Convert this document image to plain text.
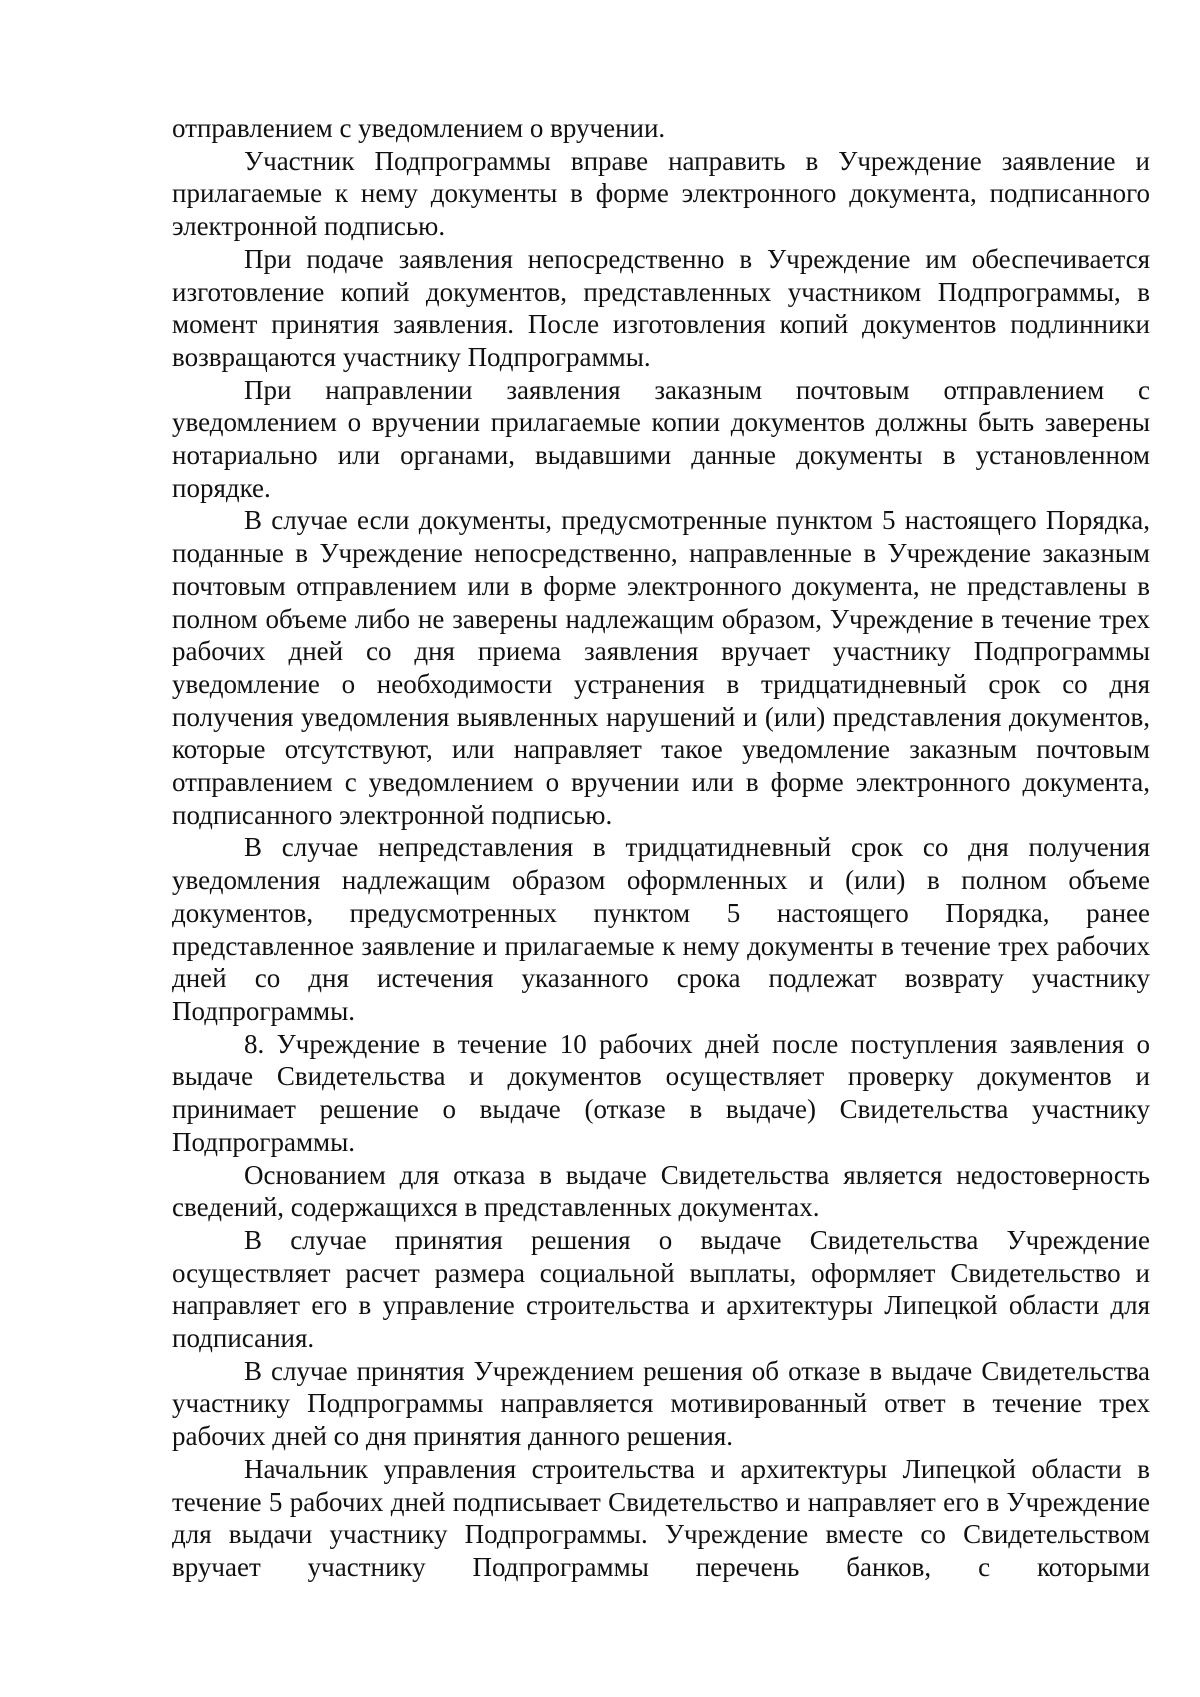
отправлением с уведомлением о вручении.

Участник Подпрограммы вправе направить в Учреждение заявление и прилагаемые к нему документы в форме электронного документа, подписанного электронной подписью.

При подаче заявления непосредственно в Учреждение им обеспечивается изготовление копий документов, представленных участником Подпрограммы, в момент принятия заявления. После изготовления копий документов подлинники возвращаются участнику Подпрограммы.

При направлении заявления заказным почтовым отправлением с уведомлением о вручении прилагаемые копии документов должны быть заверены нотариально или органами, выдавшими данные документы в установленном порядке.

В случае если документы, предусмотренные пунктом 5 настоящего Порядка, поданные в Учреждение непосредственно, направленные в Учреждение заказным почтовым отправлением или в форме электронного документа, не представлены в полном объеме либо не заверены надлежащим образом, Учреждение в течение трех рабочих дней со дня приема заявления вручает участнику Подпрограммы уведомление о необходимости устранения в тридцатидневный срок со дня получения уведомления выявленных нарушений и (или) представления документов, которые отсутствуют, или направляет такое уведомление заказным почтовым отправлением с уведомлением о вручении или в форме электронного документа, подписанного электронной подписью.

В случае непредставления в тридцатидневный срок со дня получения уведомления надлежащим образом оформленных и (или) в полном объеме документов, предусмотренных пунктом 5 настоящего Порядка, ранее представленное заявление и прилагаемые к нему документы в течение трех рабочих дней со дня истечения указанного срока подлежат возврату участнику Подпрограммы.

8. Учреждение в течение 10 рабочих дней после поступления заявления о выдаче Свидетельства и документов осуществляет проверку документов и принимает решение о выдаче (отказе в выдаче) Свидетельства участнику Подпрограммы.

Основанием для отказа в выдаче Свидетельства является недостоверность сведений, содержащихся в представленных документах.

В случае принятия решения о выдаче Свидетельства Учреждение осуществляет расчет размера социальной выплаты, оформляет Свидетельство и направляет его в управление строительства и архитектуры Липецкой области для подписания.

В случае принятия Учреждением решения об отказе в выдаче Свидетельства участнику Подпрограммы направляется мотивированный ответ в течение трех рабочих дней со дня принятия данного решения.

Начальник управления строительства и архитектуры Липецкой области в течение 5 рабочих дней подписывает Свидетельство и направляет его в Учреждение для выдачи участнику Подпрограммы. Учреждение вместе со Свидетельством вручает участнику Подпрограммы перечень банков, с которыми
